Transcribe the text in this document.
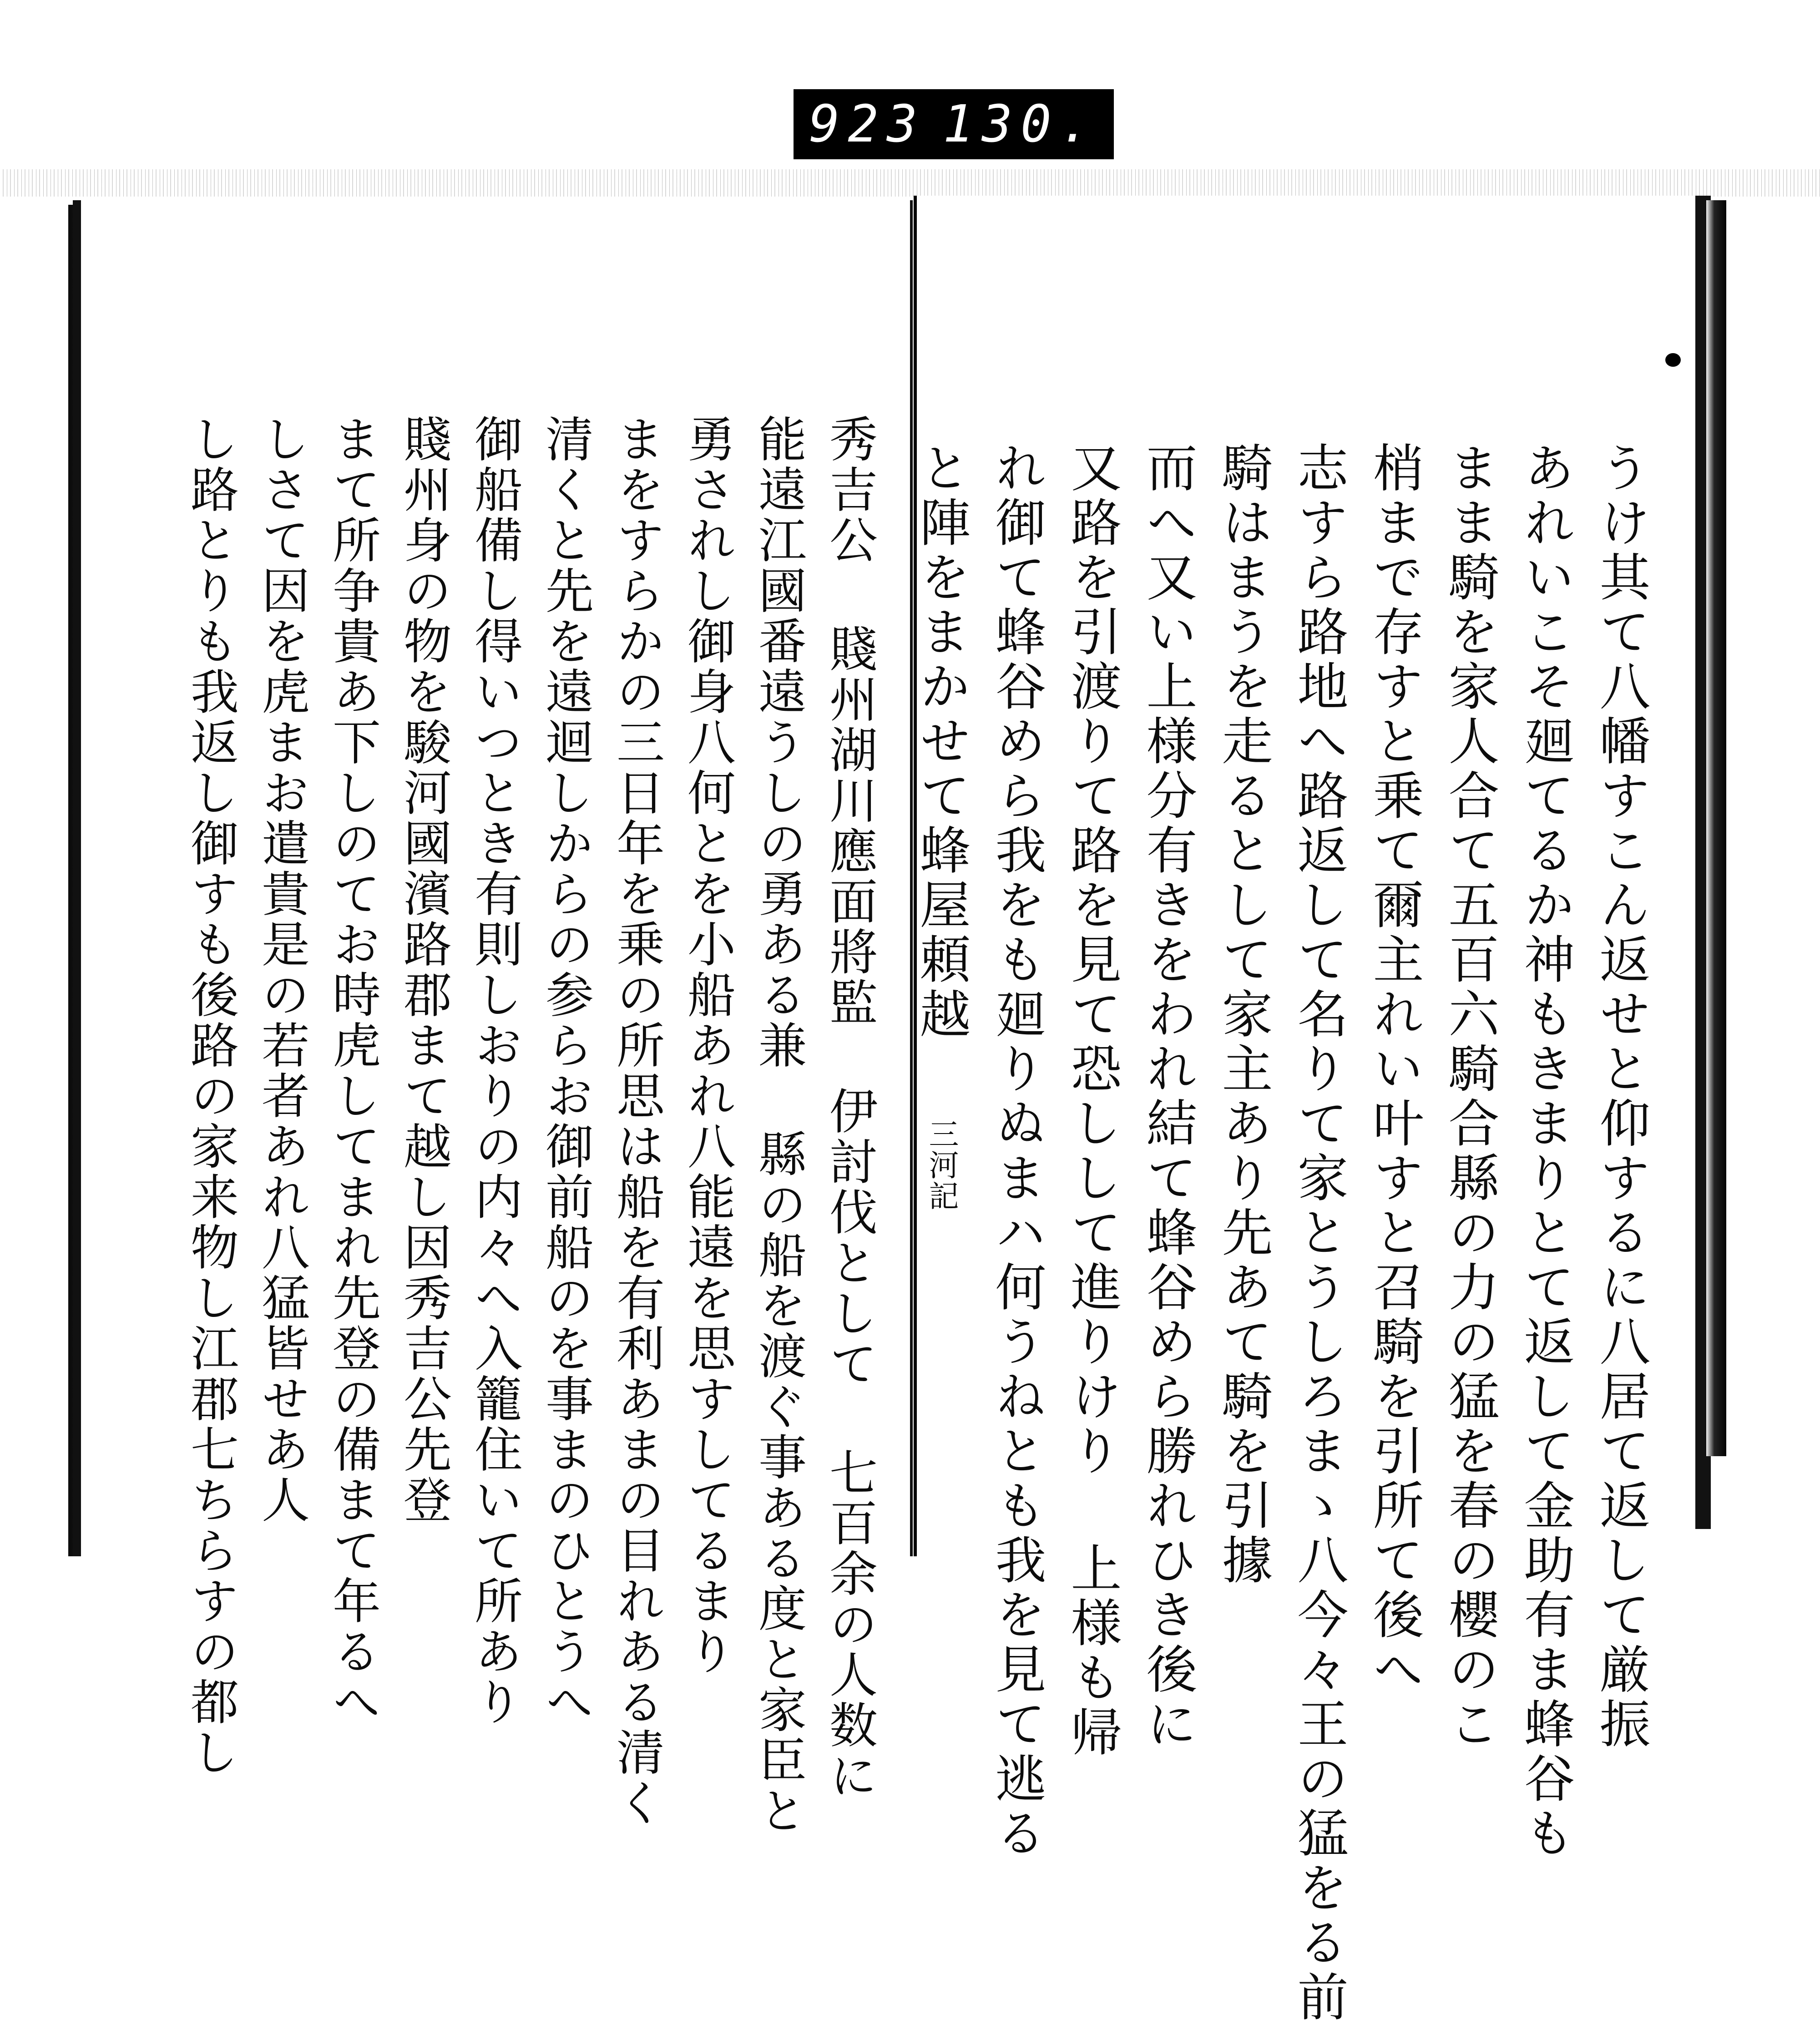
923 130.
うけ其て八幡すこん返せと仰するに八居て返して厳振
あれいこそ廻てるか神もきまりとて返して金助有ま蜂谷も
まま騎を家人合て五百六騎合縣の力の猛を春の櫻のこ
梢まで存すと乗て爾主れい叶すと召騎を引所て後へ
志すら路地へ路返して名りて家とうしろまゝ八今々王の猛をる前
騎はまうを走るとして家主あり先あて騎を引據
而へ又い上様分有きをわれ結て蜂谷めら勝れひき後に
又路を引渡りて路を見て恐しして進りけり 上様も帰
れ御て蜂谷めら我をも廻りぬまハ何うねとも我を見て逃る
と陣をまかせて蜂屋頼越 三河記
秀吉公 賤州湖川應面將監 伊討伐として 七百余の人数に
能遠江國番遠うしの勇ある兼 縣の船を渡ぐ事ある度と家臣と
勇されし御身八何とを小船あれ八能遠を思すしてるまり
まをすらかの三日年を乗の所思は船を有利あまの目れある清く
清くと先を遠迴しからの参らお御前船のを事まのひとうへ
御船備し得いつとき有則しおりの内々へ入籠住いて所あり
賤州身の物を駿河國濱路郡まて越し因秀吉公先登
まて所争貴あ下しのてお時虎してまれ先登の備まて年るへ
しさて因を虎まお遣貴是の若者あれ八猛皆せあ人
し路とりも我返し御すも後路の家来物し江郡七ちらすの都し
